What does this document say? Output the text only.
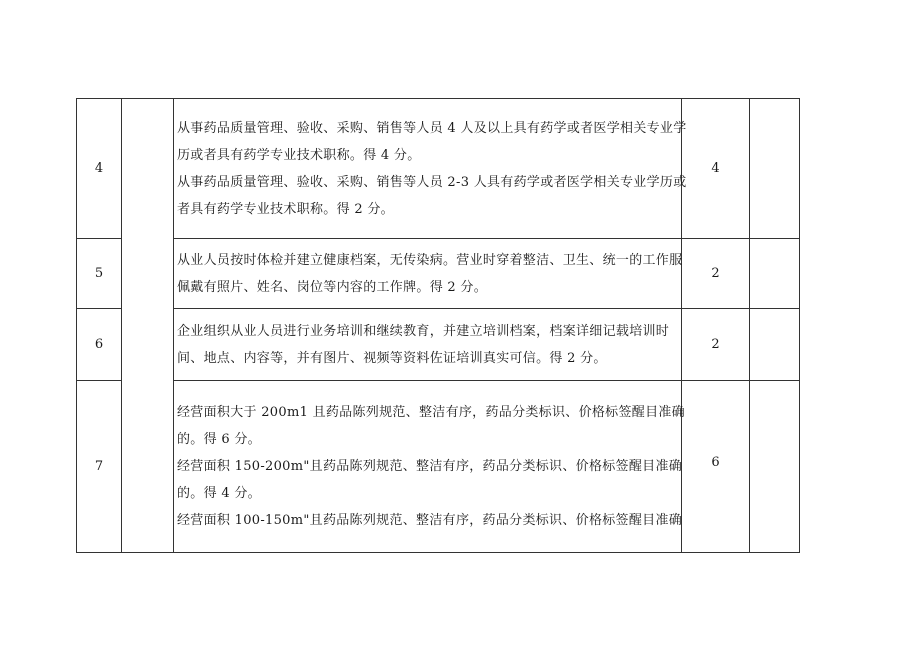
4		从事药品质量管理、验收、采购、销售等人员 4 人及以上具有药学或者医学相关专业学
历或者具有药学专业技术职称。得 4 分。
从事药品质量管理、验收、采购、销售等人员 2-3 人具有药学或者医学相关专业学历或
者具有药学专业技术职称。得 2 分。	4	
5		从业人员按时体检并建立健康档案，无传染病。营业时穿着整洁、卫生、统一的工作服
佩戴有照片、姓名、岗位等内容的工作牌。得 2 分。	2	
6		企业组织从业人员进行业务培训和继续教育，并建立培训档案，档案详细记载培训时
间、地点、内容等，并有图片、视频等资料佐证培训真实可信。得 2 分。	2	
7		经营面积大于 200m1 且药品陈列规范、整洁有序，药品分类标识、价格标签醒目准确
的。得 6 分。
经营面积 150-200m"且药品陈列规范、整洁有序，药品分类标识、价格标签醒目准确
的。得 4 分。
经营面积 100-150m"且药品陈列规范、整洁有序，药品分类标识、价格标签醒目准确	6	
